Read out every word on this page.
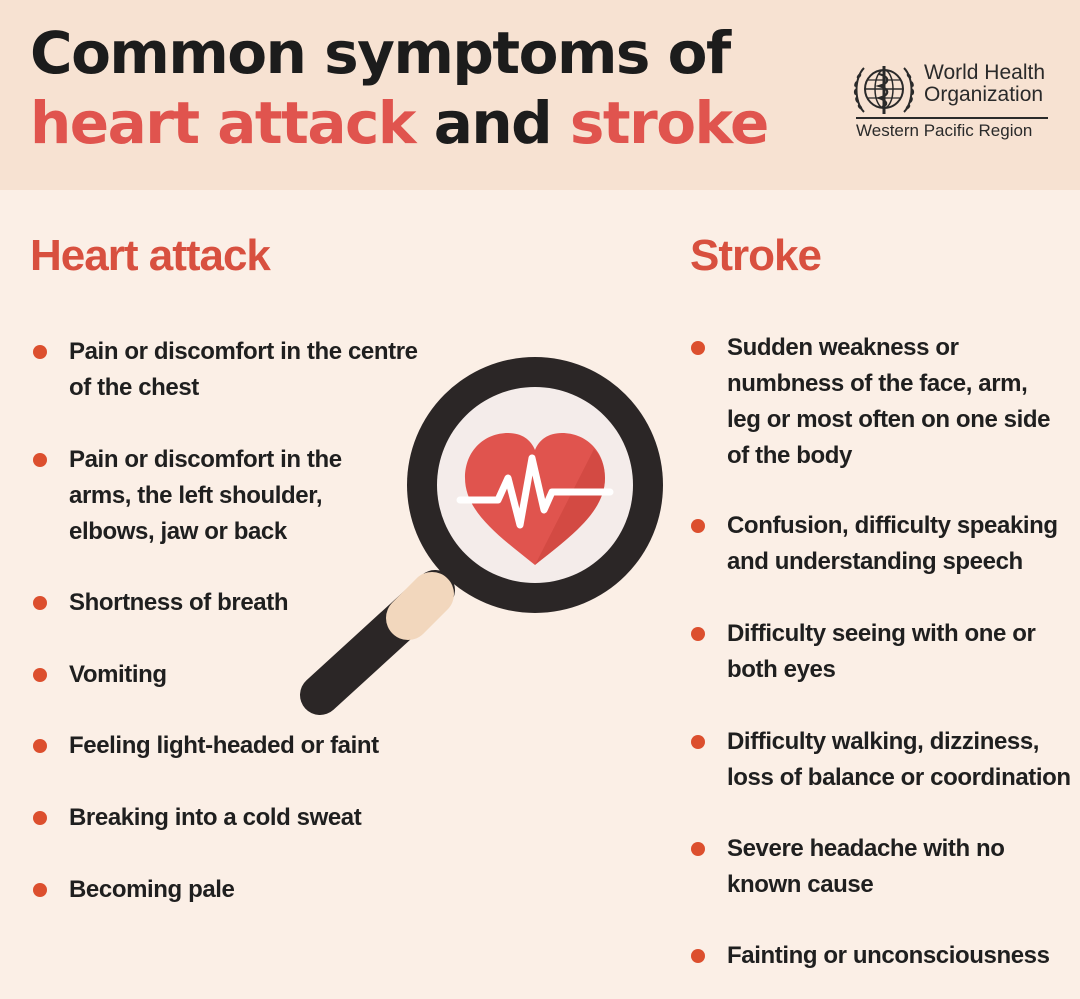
Common symptoms of
heart attack and stroke
World Health
Organization
Western Pacific Region
Heart attack	Stroke
Pain or discomfort in the centre
of the chest
Pain or discomfort in the
arms, the left shoulder,
elbows, jaw or back
Shortness of breath
Vomiting
Feeling light-headed or faint
Breaking into a cold sweat
Becoming pale
Sudden weakness or
numbness of the face, arm,
leg or most often on one side
of the body
Confusion, difficulty speaking
and understanding speech
Difficulty seeing with one or
both eyes
Difficulty walking, dizziness,
loss of balance or coordination
Severe headache with no
known cause
Fainting or unconsciousness
